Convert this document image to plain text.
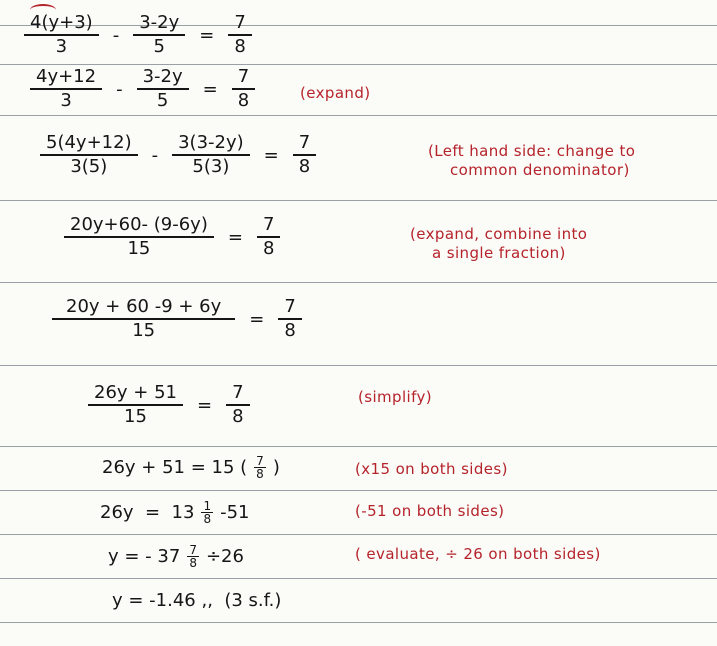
$\frac{4(y+3)}{3} - \frac{3-2y}{5} = \frac{7}{8}$
$\frac{4y+12}{3} - \frac{3-2y}{5} = \frac{7}{8}$	(expand)
$\frac{5(4y+12)}{3(5)} - \frac{3(3-2y)}{5(3)} = \frac{7}{8}$	(Left hand side: change to
common denominator)
$\frac{20y+60- (9-6y)}{15} = \frac{7}{8}$	(expand, combine into
a single fraction)
$\frac{20y + 60 -9 + 6y}{15} = \frac{7}{8}$
$\frac{26y + 51}{15} = \frac{7}{8}$	(simplify)
26y + 51 = 15 ( $\frac{7}{8}$ )	(x15 on both sides)
$26y = 13 \frac{1}{8} -51$	(-51 on both sides)
y = - $37 \frac{7}{8} \div 26$	( evaluate, ÷ 26 on both sides)
y = -1.46 ,,  (3 s.f.)
